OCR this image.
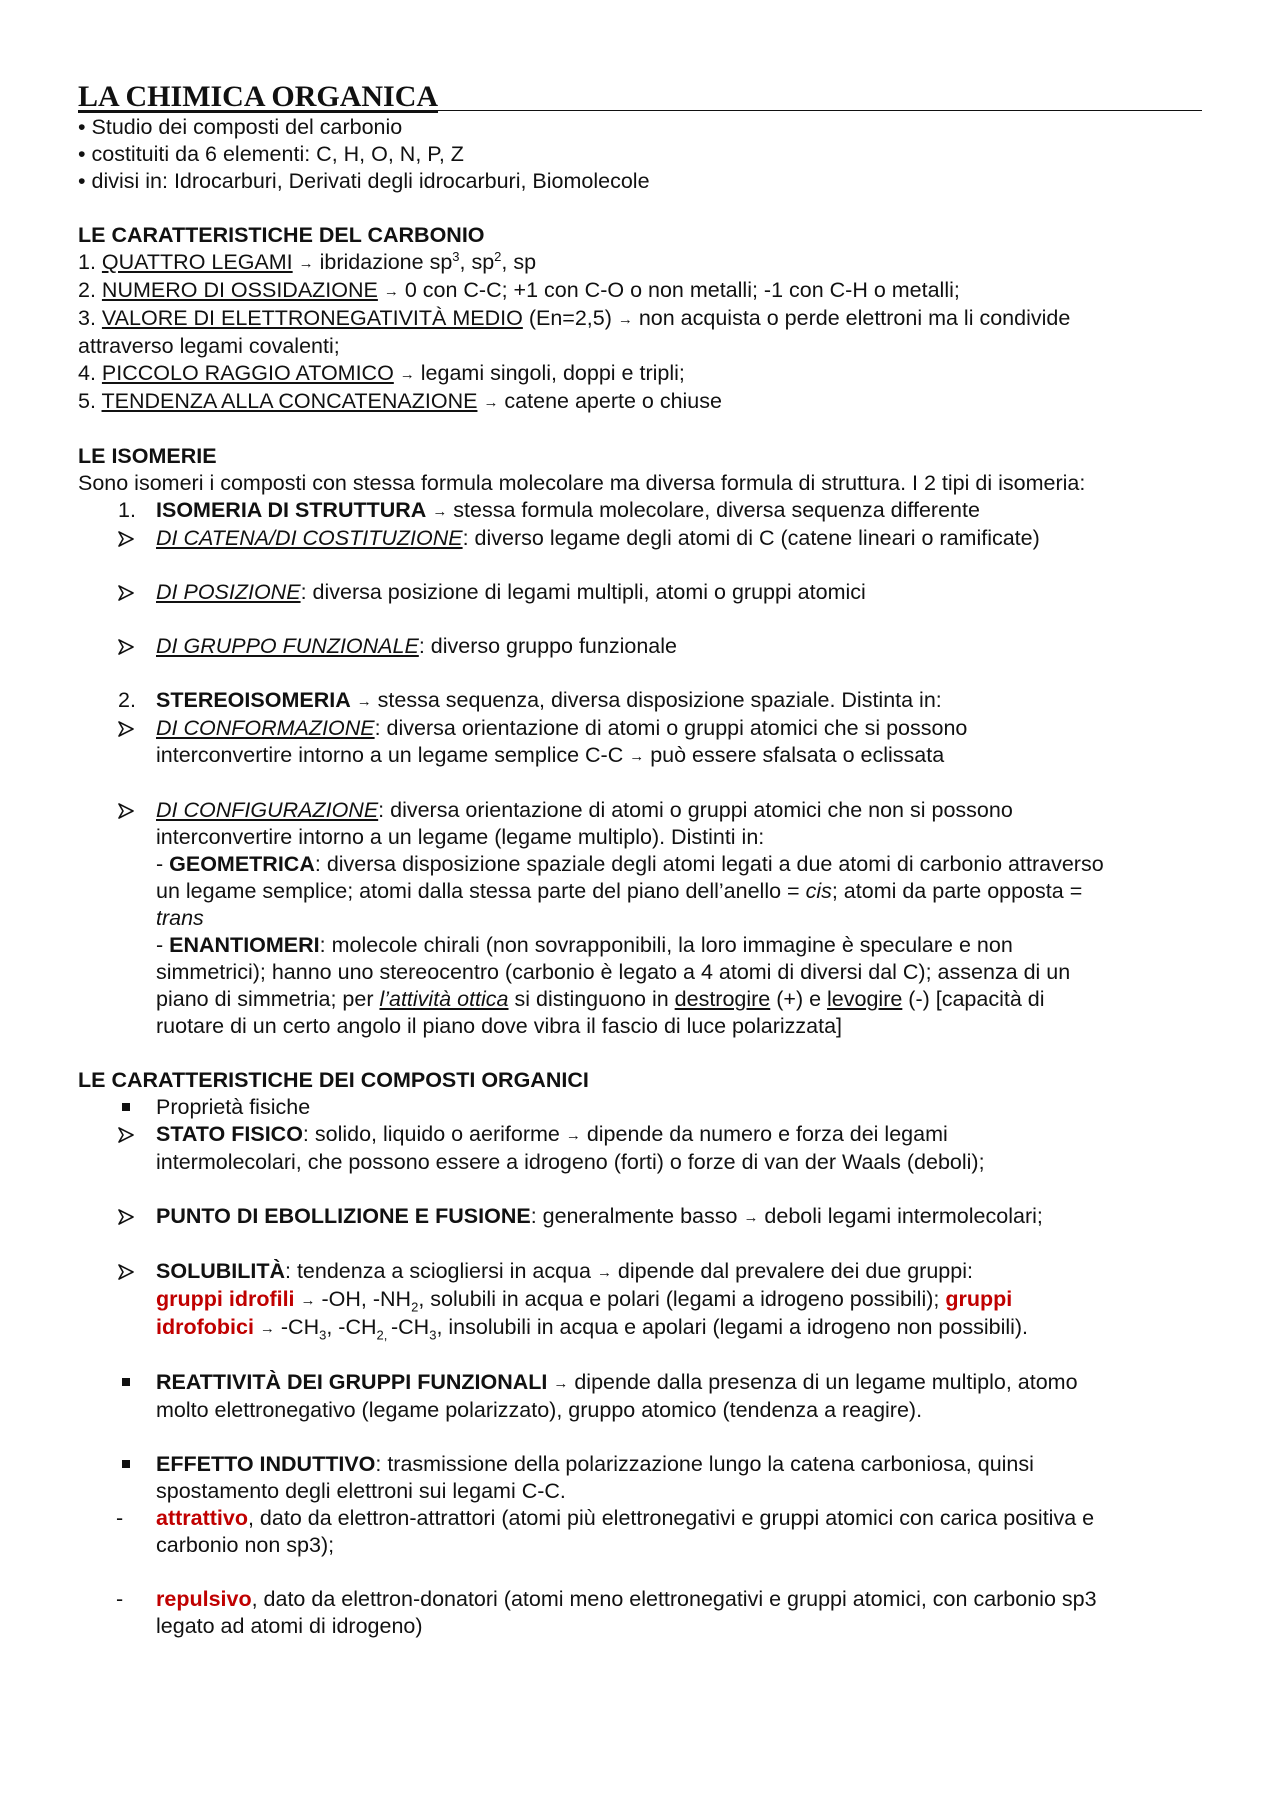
LA CHIMICA ORGANICA

• Studio dei composti del carbonio

• costituiti da 6 elementi: C, H, O, N, P, Z

• divisi in: Idrocarburi, Derivati degli idrocarburi, Biomolecole

LE CARATTERISTICHE DEL CARBONIO

1. QUATTRO LEGAMI → ibridazione $sp^3$, $sp^2$, sp

2. NUMERO DI OSSIDAZIONE → 0 con C-C; +1 con C-O o non metalli; -1 con C-H o metalli;

3. VALORE DI ELETTRONEGATIVITÀ MEDIO (En=2,5) → non acquista o perde elettroni ma li condivide

attraverso legami covalenti;

4. PICCOLO RAGGIO ATOMICO → legami singoli, doppi e tripli;

5. TENDENZA ALLA CONCATENAZIONE → catene aperte o chiuse

LE ISOMERIE

Sono isomeri i composti con stessa formula molecolare ma diversa formula di struttura. I 2 tipi di isomeria:

1. ISOMERIA DI STRUTTURA → stessa formula molecolare, diversa sequenza differente
DI CATENA/DI COSTITUZIONE: diverso legame degli atomi di C (catene lineari o ramificate)
DI POSIZIONE: diversa posizione di legami multipli, atomi o gruppi atomici
DI GRUPPO FUNZIONALE: diverso gruppo funzionale
2. STEREOISOMERIA → stessa sequenza, diversa disposizione spaziale. Distinta in:
DI CONFORMAZIONE: diversa orientazione di atomi o gruppi atomici che si possono
interconvertire intorno a un legame semplice C-C → può essere sfalsata o eclissata
DI CONFIGURAZIONE: diversa orientazione di atomi o gruppi atomici che non si possono
interconvertire intorno a un legame (legame multiplo). Distinti in:
- GEOMETRICA: diversa disposizione spaziale degli atomi legati a due atomi di carbonio attraverso
un legame semplice; atomi dalla stessa parte del piano dell’anello = cis; atomi da parte opposta =
trans
- ENANTIOMERI: molecole chirali (non sovrapponibili, la loro immagine è speculare e non
simmetrici); hanno uno stereocentro (carbonio è legato a 4 atomi di diversi dal C); assenza di un
piano di simmetria; per l’attività ottica si distinguono in destrogire (+) e levogire (-) [capacità di
ruotare di un certo angolo il piano dove vibra il fascio di luce polarizzata]

LE CARATTERISTICHE DEI COMPOSTI ORGANICI

Proprietà fisiche
STATO FISICO: solido, liquido o aeriforme → dipende da numero e forza dei legami
intermolecolari, che possono essere a idrogeno (forti) o forze di van der Waals (deboli);
PUNTO DI EBOLLIZIONE E FUSIONE: generalmente basso → deboli legami intermolecolari;
SOLUBILITÀ: tendenza a sciogliersi in acqua → dipende dal prevalere dei due gruppi:
gruppi idrofili → -OH, $-NH_2$, solubili in acqua e polari (legami a idrogeno possibili); gruppi
idrofobici → $-CH_3$, $-CH_{2,}$ $-CH_3$, insolubili in acqua e apolari (legami a idrogeno non possibili).
REATTIVITÀ DEI GRUPPI FUNZIONALI → dipende dalla presenza di un legame multiplo, atomo
molto elettronegativo (legame polarizzato), gruppo atomico (tendenza a reagire).
EFFETTO INDUTTIVO: trasmissione della polarizzazione lungo la catena carboniosa, quinsi
spostamento degli elettroni sui legami C-C.
-	attrattivo, dato da elettron-attrattori (atomi più elettronegativi e gruppi atomici con carica positiva e
carbonio non sp3);
-	repulsivo, dato da elettron-donatori (atomi meno elettronegativi e gruppi atomici, con carbonio sp3
legato ad atomi di idrogeno)
